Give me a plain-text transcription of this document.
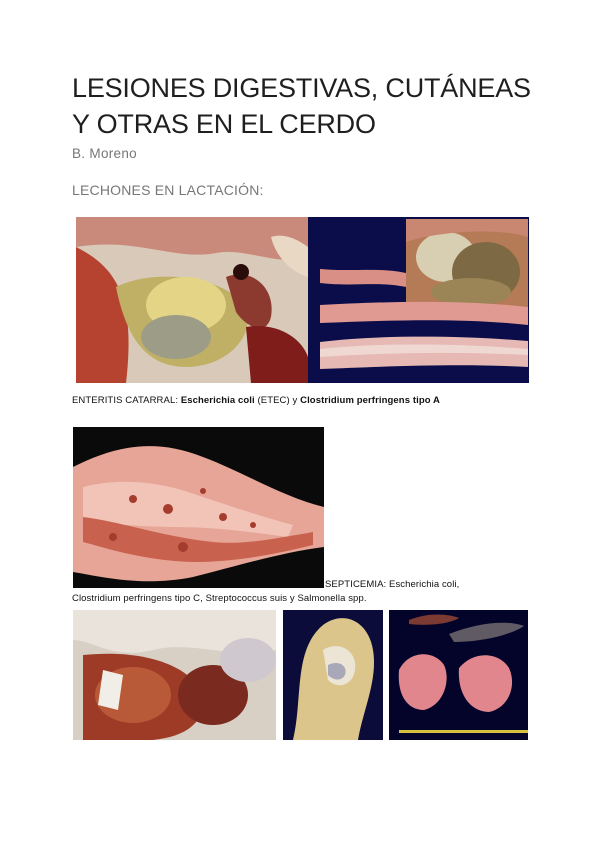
LESIONES DIGESTIVAS, CUTÁNEAS
Y OTRAS EN EL CERDO
B. Moreno
LECHONES EN LACTACIÓN:
ENTERITIS CATARRAL: Escherichia coli (ETEC) y Clostridium perfringens tipo A
SEPTICEMIA: Escherichia coli,
Clostridium perfringens tipo C, Streptococcus suis y Salmonella spp.
